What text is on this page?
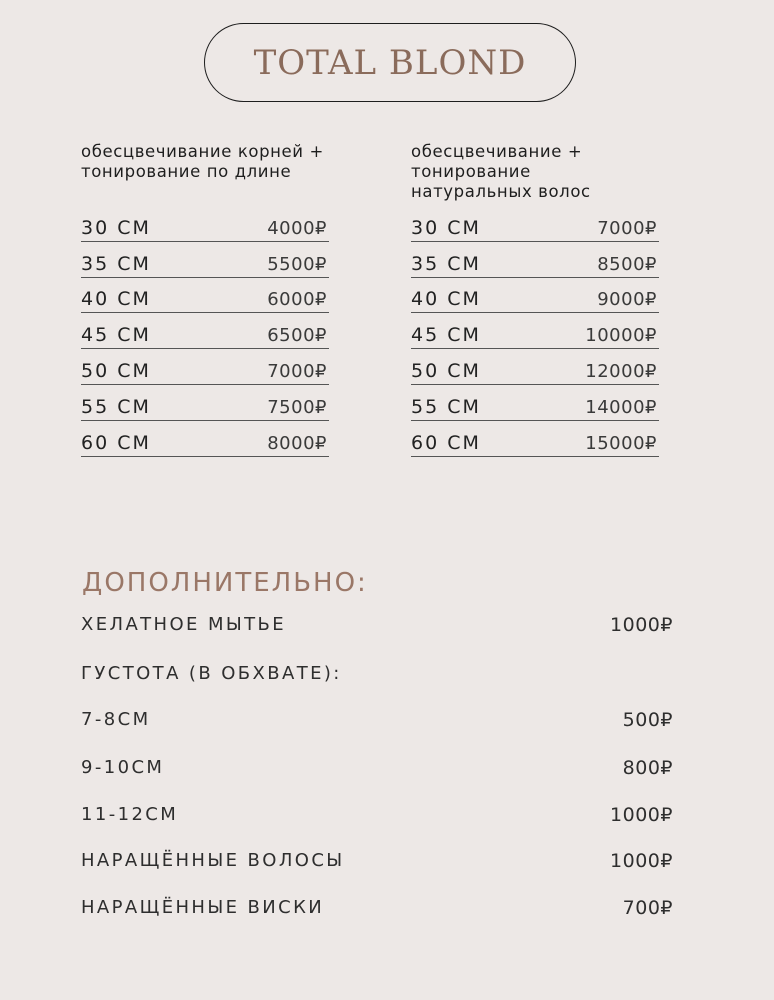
TOTAL BLOND
обесцвечивание корней +
тонирование по длине
30 CM	4000₽
35 CM	5500₽
40 CM	6000₽
45 CM	6500₽
50 CM	7000₽
55 CM	7500₽
60 CM	8000₽
обесцвечивание + тонирование
натуральных волос
30 CM	7000₽
35 CM	8500₽
40 CM	9000₽
45 CM	10000₽
50 CM	12000₽
55 CM	14000₽
60 CM	15000₽
ДОПОЛНИТЕЛЬНО:
ХЕЛАТНОЕ МЫТЬЕ	1000₽
ГУСТОТА (В ОБХВАТЕ):
7-8СМ	500₽
9-10СМ	800₽
11-12СМ	1000₽
НАРАЩЁННЫЕ ВОЛОСЫ	1000₽
НАРАЩЁННЫЕ ВИСКИ	700₽
